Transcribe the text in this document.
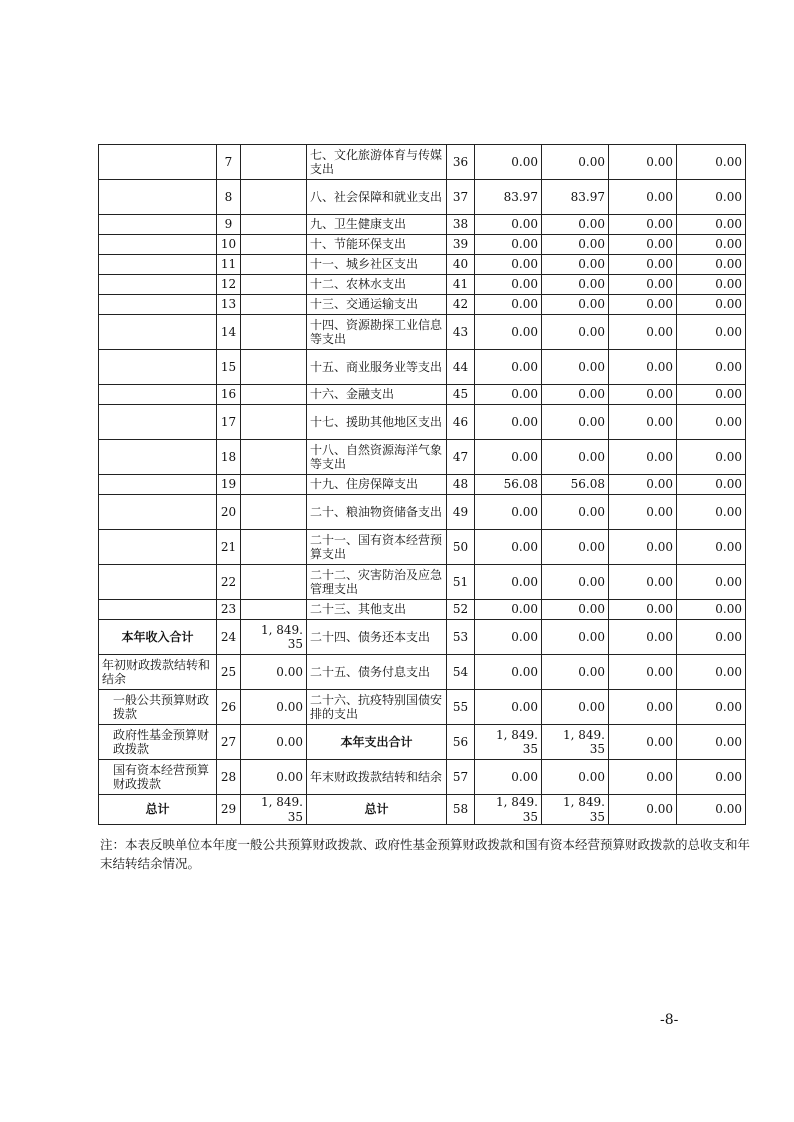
	7		七、文化旅游体育与传媒支出	36	0.00	0.00	0.00	0.00
	8		八、社会保障和就业支出	37	83.97	83.97	0.00	0.00
	9		九、卫生健康支出	38	0.00	0.00	0.00	0.00
	10		十、节能环保支出	39	0.00	0.00	0.00	0.00
	11		十一、城乡社区支出	40	0.00	0.00	0.00	0.00
	12		十二、农林水支出	41	0.00	0.00	0.00	0.00
	13		十三、交通运输支出	42	0.00	0.00	0.00	0.00
	14		十四、资源勘探工业信息等支出	43	0.00	0.00	0.00	0.00
	15		十五、商业服务业等支出	44	0.00	0.00	0.00	0.00
	16		十六、金融支出	45	0.00	0.00	0.00	0.00
	17		十七、援助其他地区支出	46	0.00	0.00	0.00	0.00
	18		十八、自然资源海洋气象等支出	47	0.00	0.00	0.00	0.00
	19		十九、住房保障支出	48	56.08	56.08	0.00	0.00
	20		二十、粮油物资储备支出	49	0.00	0.00	0.00	0.00
	21		二十一、国有资本经营预算支出	50	0.00	0.00	0.00	0.00
	22		二十二、灾害防治及应急管理支出	51	0.00	0.00	0.00	0.00
	23		二十三、其他支出	52	0.00	0.00	0.00	0.00
本年收入合计	24	1, 849. 35	二十四、债务还本支出	53	0.00	0.00	0.00	0.00
年初财政拨款结转和结余	25	0.00	二十五、债务付息支出	54	0.00	0.00	0.00	0.00
一般公共预算财政拨款	26	0.00	二十六、抗疫特别国债安排的支出	55	0.00	0.00	0.00	0.00
政府性基金预算财政拨款	27	0.00	本年支出合计	56	1, 849. 35	1, 849. 35	0.00	0.00
国有资本经营预算财政拨款	28	0.00	年末财政拨款结转和结余	57	0.00	0.00	0.00	0.00
总计	29	1, 849. 35	总计	58	1, 849. 35	1, 849. 35	0.00	0.00
注：本表反映单位本年度一般公共预算财政拨款、政府性基金预算财政拨款和国有资本经营预算财政拨款的总收支和年末结转结余情况。
-8-
